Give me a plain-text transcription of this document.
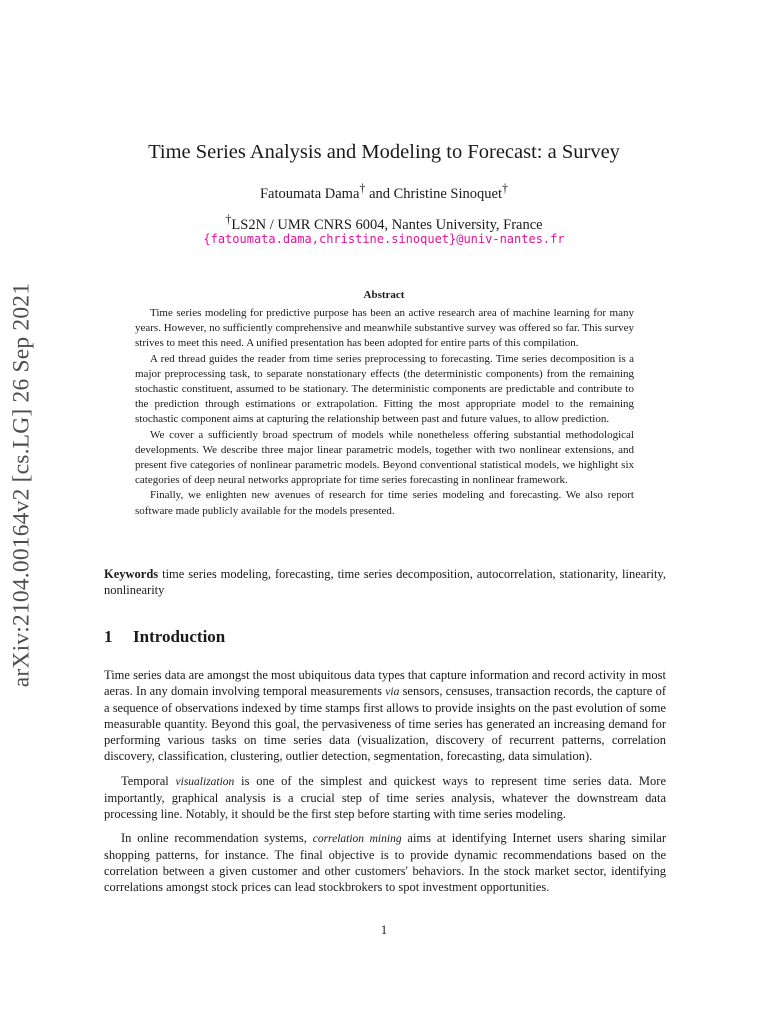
arXiv:2104.00164v2 [cs.LG] 26 Sep 2021
Time Series Analysis and Modeling to Forecast: a Survey
Fatoumata Dama† and Christine Sinoquet†
†LS2N / UMR CNRS 6004, Nantes University, France
{fatoumata.dama,christine.sinoquet}@univ-nantes.fr
Abstract

Time series modeling for predictive purpose has been an active research area of machine learning for many years. However, no sufficiently comprehensive and meanwhile substantive survey was offered so far. This survey strives to meet this need. A unified presentation has been adopted for entire parts of this compilation.

A red thread guides the reader from time series preprocessing to forecasting. Time series decomposition is a major preprocessing task, to separate nonstationary effects (the deterministic components) from the remaining stochastic constituent, assumed to be stationary. The deterministic components are predictable and contribute to the prediction through estimations or extrapolation. Fitting the most appropriate model to the remaining stochastic component aims at capturing the relationship between past and future values, to allow prediction.

We cover a sufficiently broad spectrum of models while nonetheless offering substantial methodological developments. We describe three major linear parametric models, together with two nonlinear extensions, and present five categories of nonlinear parametric models. Beyond conventional statistical models, we highlight six categories of deep neural networks appropriate for time series forecasting in nonlinear framework.

Finally, we enlighten new avenues of research for time series modeling and forecasting. We also report software made publicly available for the models presented.

Keywords time series modeling, forecasting, time series decomposition, autocorrelation, stationarity, linearity, nonlinearity
1 Introduction

Time series data are amongst the most ubiquitous data types that capture information and record activity in most aeras. In any domain involving temporal measurements via sensors, censuses, transaction records, the capture of a sequence of observations indexed by time stamps first allows to provide insights on the past evolution of some measurable quantity. Beyond this goal, the pervasiveness of time series has generated an increasing demand for performing various tasks on time series data (visualization, discovery of recurrent patterns, correlation discovery, classification, clustering, outlier detection, segmentation, forecasting, data simulation).

Temporal visualization is one of the simplest and quickest ways to represent time series data. More importantly, graphical analysis is a crucial step of time series analysis, whatever the downstream data processing line. Notably, it should be the first step before starting with time series modeling.

In online recommendation systems, correlation mining aims at identifying Internet users sharing similar shopping patterns, for instance. The final objective is to provide dynamic recommendations based on the correlation between a given customer and other customers' behaviors. In the stock market sector, identifying correlations amongst stock prices can lead stockbrokers to spot investment opportunities.

1
